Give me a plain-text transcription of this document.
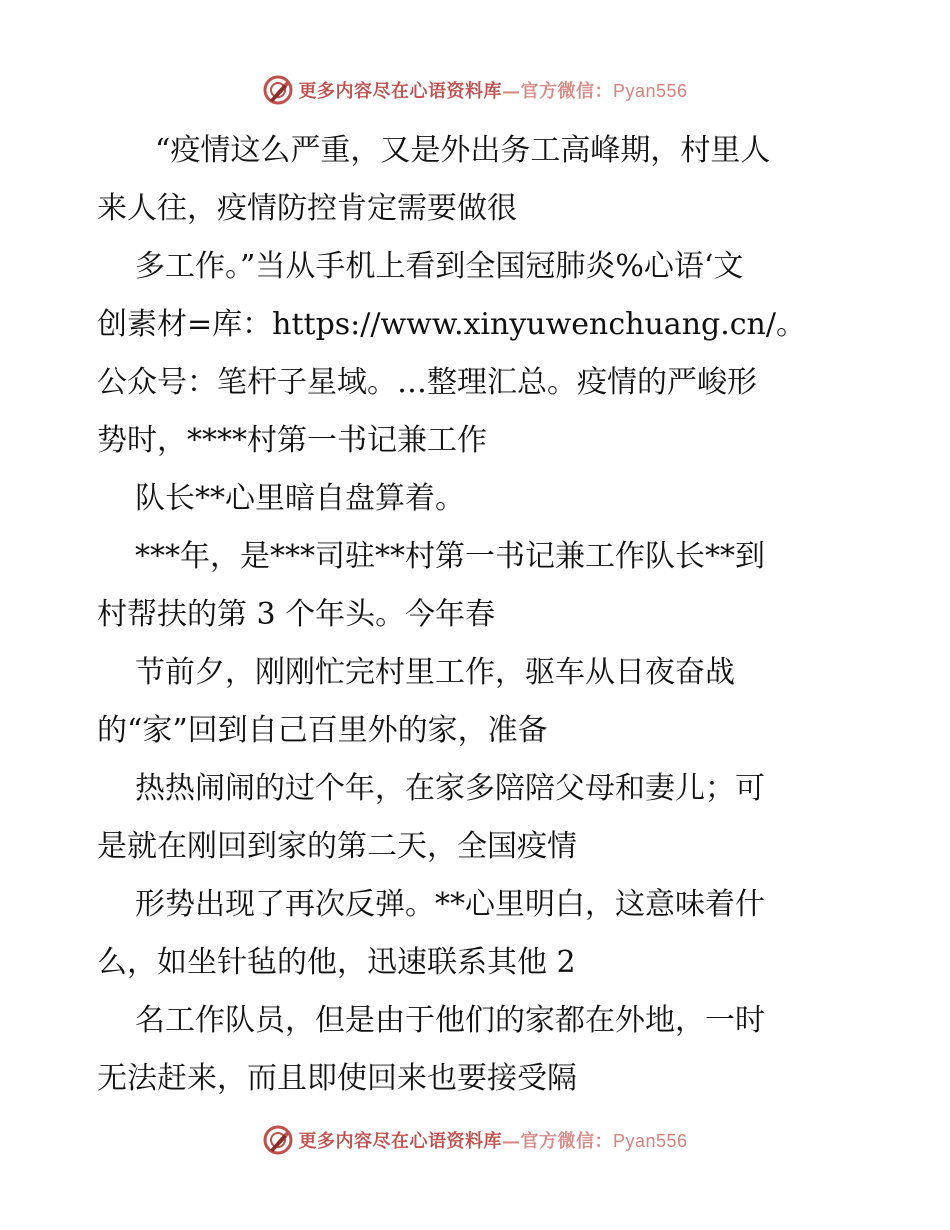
更多内容尽在心语资料库—官方微信：Pyan556
“疫情这么严重，又是外出务工高峰期，村里人
来人往，疫情防控肯定需要做很
多工作。”当从手机上看到全国冠肺炎%心语‘文
创素材=库：https://www.xinyuwenchuang.cn/。
公众号：笔杆子星域。…整理汇总。疫情的严峻形
势时，****村第一书记兼工作
队长**心里暗自盘算着。
***年，是***司驻**村第一书记兼工作队长**到
村帮扶的第 3 个年头。今年春
节前夕，刚刚忙完村里工作，驱车从日夜奋战
的“家”回到自己百里外的家，准备
热热闹闹的过个年，在家多陪陪父母和妻儿；可
是就在刚回到家的第二天，全国疫情
形势出现了再次反弹。**心里明白，这意味着什
么，如坐针毡的他，迅速联系其他 2
名工作队员，但是由于他们的家都在外地，一时
无法赶来，而且即使回来也要接受隔
更多内容尽在心语资料库—官方微信：Pyan556
